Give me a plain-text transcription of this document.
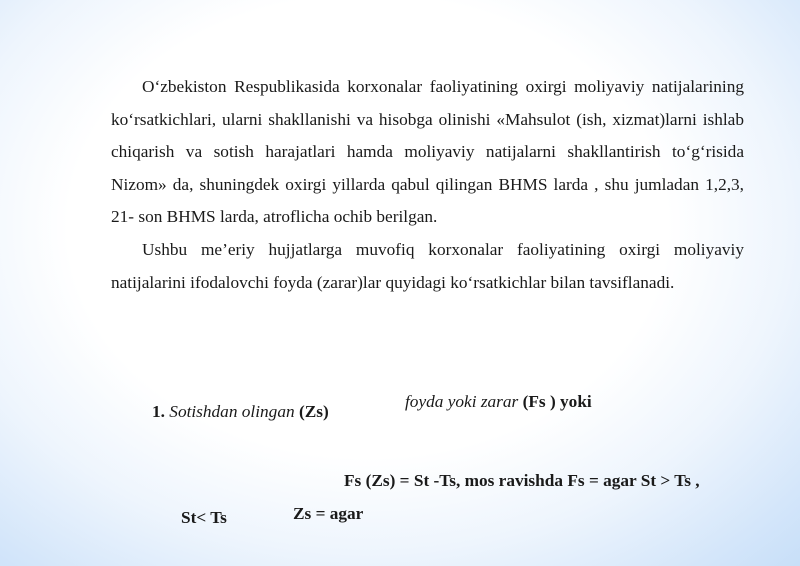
O‘zbekiston Respublikasida korxonalar faoliyatining oxirgi moliyaviy natijalarining ko‘rsatkichlari, ularni shakllanishi va hisobga olinishi «Mahsulot (ish, xizmat)larni ishlab chiqarish va sotish harajatlari hamda moliyaviy natijalarni shakllantirish to‘g‘risida Nizom» da, shuningdek oxirgi yillarda qabul qilingan BHMS larda , shu jumladan 1,2,3, 21- son BHMS larda, atroflicha ochib berilgan.

Ushbu me’eriy hujjatlarga muvofiq korxonalar faoliyatining oxirgi moliyaviy natijalarini ifodalovchi foyda (zarar)lar quyidagi ko‘rsatkichlar bilan tavsiflanadi.

1. Sotishdan olingan (Zs)
foyda yoki zarar (Fs ) yoki
Fs (Zs) = St -Ts, mos ravishda Fs = agar St > Ts ,
St< Ts	Zs = agar
